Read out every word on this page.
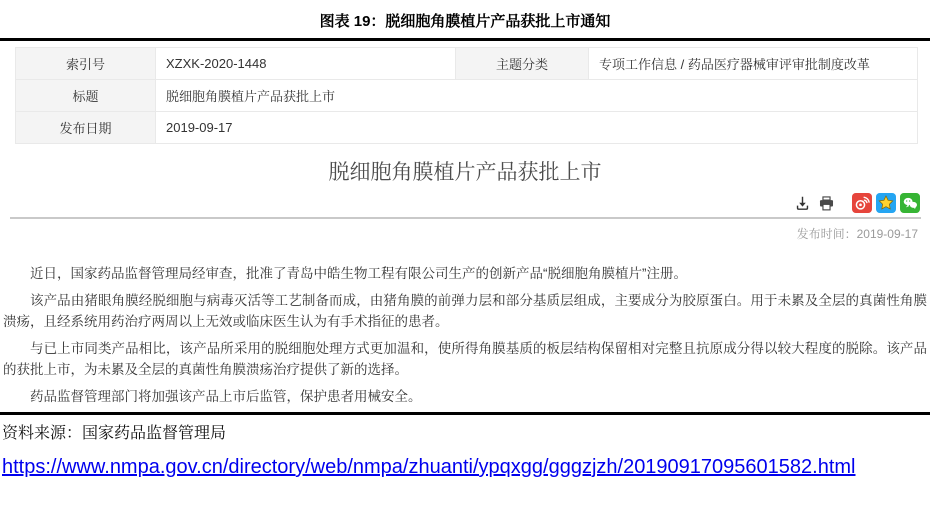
图表 19：脱细胞角膜植片产品获批上市通知
索引号	XZXK-2020-1448	主题分类	专项工作信息 / 药品医疗器械审评审批制度改革
标题	脱细胞角膜植片产品获批上市		
发布日期	2019-09-17		
脱细胞角膜植片产品获批上市
发布时间：2019-09-17

近日，国家药品监督管理局经审查，批准了青岛中皓生物工程有限公司生产的创新产品“脱细胞角膜植片”注册。

该产品由猪眼角膜经脱细胞与病毒灭活等工艺制备而成，由猪角膜的前弹力层和部分基质层组成，主要成分为胶原蛋白。用于未累及全层的真菌性角膜溃疡，且经系统用药治疗两周以上无效或临床医生认为有手术指征的患者。

与已上市同类产品相比，该产品所采用的脱细胞处理方式更加温和，使所得角膜基质的板层结构保留相对完整且抗原成分得以较大程度的脱除。该产品的获批上市，为未累及全层的真菌性角膜溃疡治疗提供了新的选择。

药品监督管理部门将加强该产品上市后监管，保护患者用械安全。

资料来源：国家药品监督管理局
https://www.nmpa.gov.cn/directory/web/nmpa/zhuanti/ypqxgg/gggzjzh/20190917095601582.html
